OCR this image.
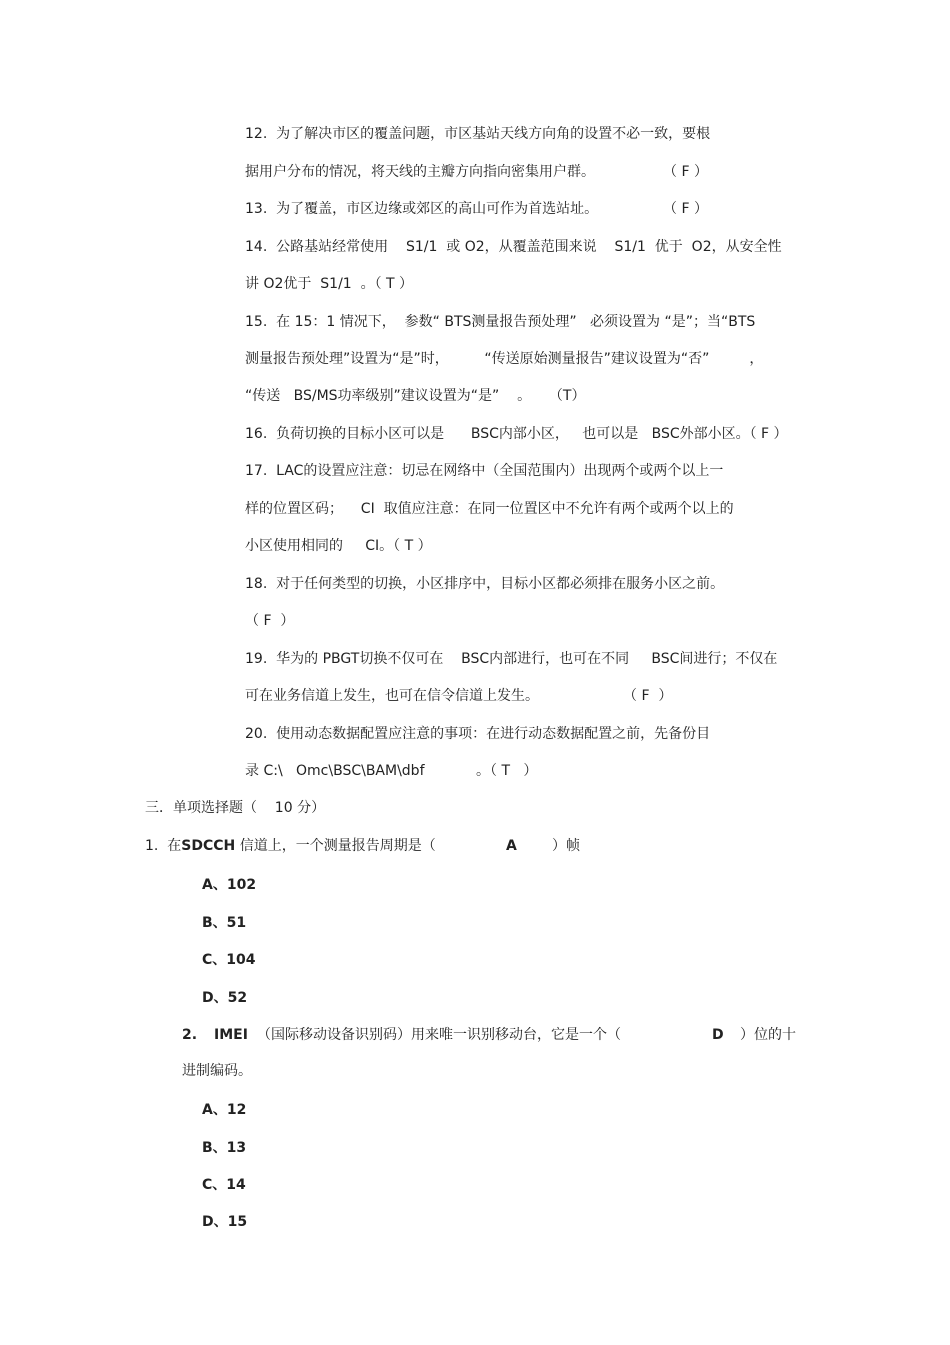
12.  为了解决市区的覆盖问题，市区基站天线方向角的设置不必一致，要根
据用户分布的情况，将天线的主瓣方向指向密集用户群。	（ F ）
13.  为了覆盖，市区边缘或郊区的高山可作为首选站址。	（ F ）
14.  公路基站经常使用    S1/1  或 O2，从覆盖范围来说    S1/1  优于  O2，从安全性
讲 O2优于  S1/1  。（ T ）
15.  在 15：1 情况下，  参数“ BTS测量报告预处理”   必须设置为 “是”；当“BTS
测量报告预处理”设置为“是”时，        “传送原始测量报告”建议设置为“否”         ，
“传送   BS/MS功率级别”建议设置为“是”    。    （T）
16.  负荷切换的目标小区可以是      BSC内部小区，   也可以是   BSC外部小区。（ F ）
17.  LAC的设置应注意：切忌在网络中（全国范围内）出现两个或两个以上一
样的位置区码；    CI  取值应注意：在同一位置区中不允许有两个或两个以上的
小区使用相同的     CI。（ T ）
18.  对于任何类型的切换，小区排序中，目标小区都必须排在服务小区之前。
（ F  ）
19.  华为的 PBGT切换不仅可在    BSC内部进行，也可在不同     BSC间进行；不仅在
可在业务信道上发生，也可在信令信道上发生。	（ F  ）
20.  使用动态数据配置应注意的事项：在进行动态数据配置之前，先备份目
录 C:\   Omc\BSC\BAM\dbf	。（ T   ）
三．单项选择题（    10 分）
1.  在SDCCH 信道上，一个测量报告周期是（	A	）帧
A、102
B、51
C、104
D、52
2. IMEI （国际移动设备识别码）用来唯一识别移动台，它是一个（	D ）位的十
进制编码。
A、12
B、13
C、14
D、15
